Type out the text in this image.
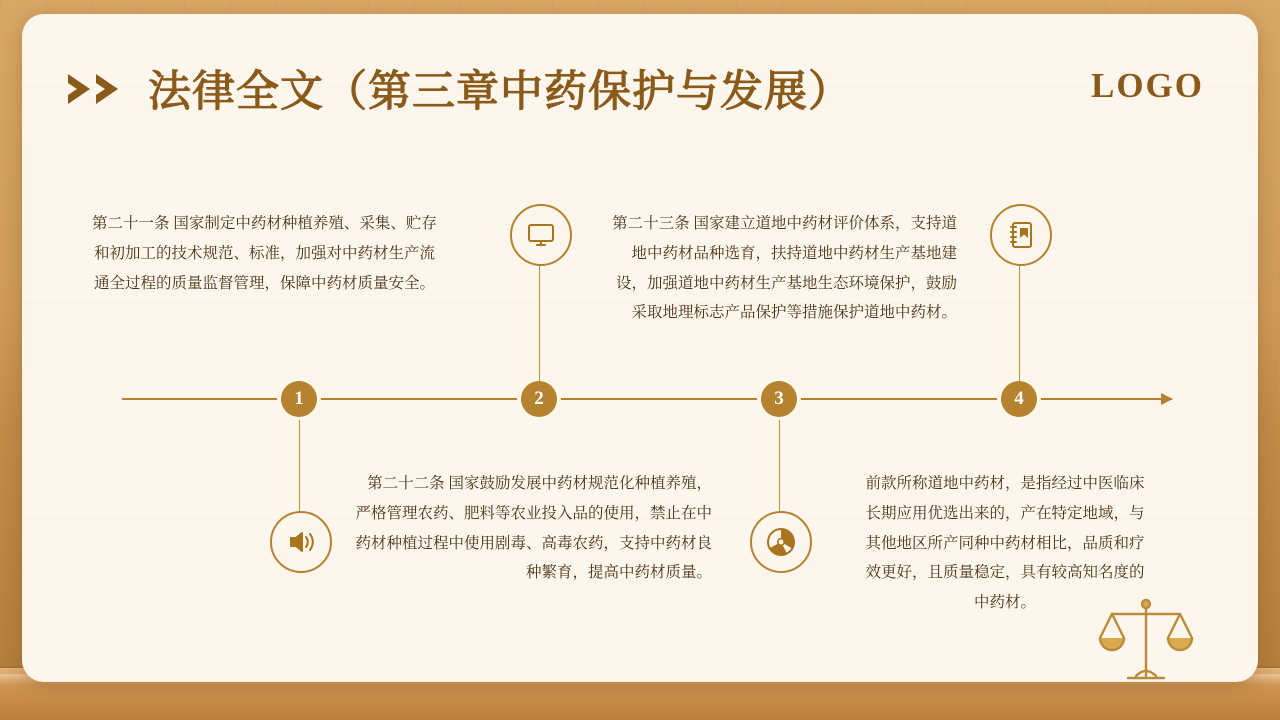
法律全文（第三章中药保护与发展）	LOGO
1	2	3	4
第二十一条 国家制定中药材种植养殖、采集、贮存和初加工的技术规范、标准，加强对中药材生产流通全过程的质量监督管理，保障中药材质量安全。
第二十二条 国家鼓励发展中药材规范化种植养殖，严格管理农药、肥料等农业投入品的使用，禁止在中药材种植过程中使用剧毒、高毒农药，支持中药材良种繁育，提高中药材质量。
第二十三条 国家建立道地中药材评价体系，支持道地中药材品种选育，扶持道地中药材生产基地建设，加强道地中药材生产基地生态环境保护，鼓励采取地理标志产品保护等措施保护道地中药材。
前款所称道地中药材，是指经过中医临床长期应用优选出来的，产在特定地域，与其他地区所产同种中药材相比，品质和疗效更好，且质量稳定，具有较高知名度的中药材。
